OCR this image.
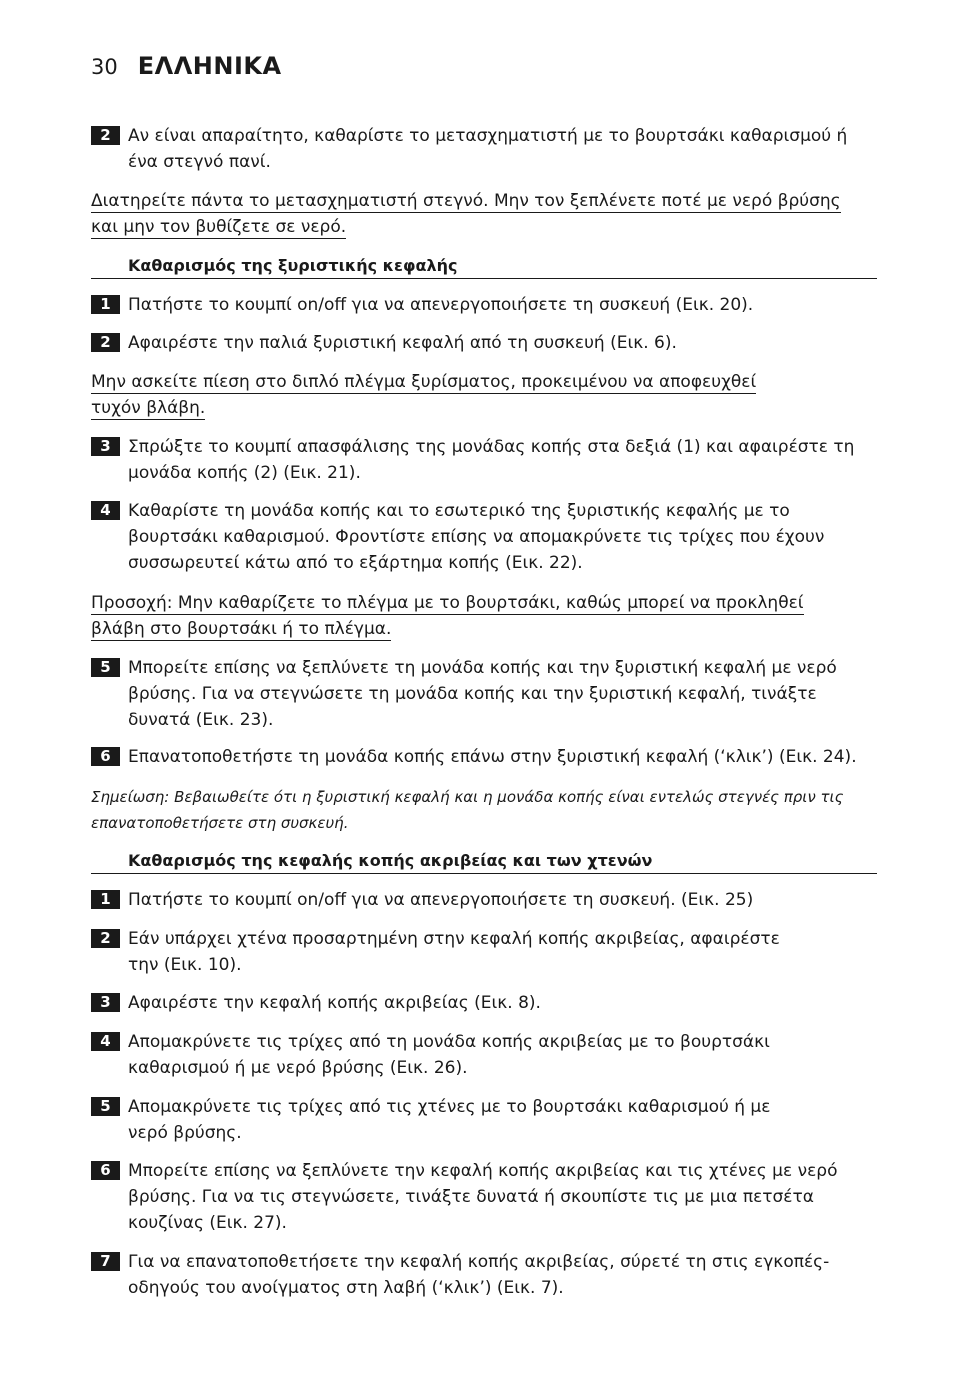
30 ΕΛΛΗΝΙΚΑ
2	Αν είναι απαραίτητο, καθαρίστε το μετασχηματιστή με το βουρτσάκι καθαρισμού ή ένα στεγνό πανί.
Διατηρείτε πάντα το μετασχηματιστή στεγνό. Μην τον ξεπλένετε ποτέ με νερό βρύσης
και μην τον βυθίζετε σε νερό.
Καθαρισμός της ξυριστικής κεφαλής
1	Πατήστε το κουμπί on/off για να απενεργοποιήσετε τη συσκευή (Εικ. 20).
2	Αφαιρέστε την παλιά ξυριστική κεφαλή από τη συσκευή (Εικ. 6).
Μην ασκείτε πίεση στο διπλό πλέγμα ξυρίσματος, προκειμένου να αποφευχθεί
τυχόν βλάβη.
3	Σπρώξτε το κουμπί απασφάλισης της μονάδας κοπής στα δεξιά (1) και αφαιρέστε τη μονάδα κοπής (2) (Εικ. 21).
4	Καθαρίστε τη μονάδα κοπής και το εσωτερικό της ξυριστικής κεφαλής με το βουρτσάκι καθαρισμού. Φροντίστε επίσης να απομακρύνετε τις τρίχες που έχουν συσσωρευτεί κάτω από το εξάρτημα κοπής (Εικ. 22).
Προσοχή: Μην καθαρίζετε το πλέγμα με το βουρτσάκι, καθώς μπορεί να προκληθεί
βλάβη στο βουρτσάκι ή το πλέγμα.
5	Μπορείτε επίσης να ξεπλύνετε τη μονάδα κοπής και την ξυριστική κεφαλή με νερό βρύσης. Για να στεγνώσετε τη μονάδα κοπής και την ξυριστική κεφαλή, τινάξτε δυνατά (Εικ. 23).
6	Επανατοποθετήστε τη μονάδα κοπής επάνω στην ξυριστική κεφαλή (‘κλικ’) (Εικ. 24).
Σημείωση: Βεβαιωθείτε ότι η ξυριστική κεφαλή και η μονάδα κοπής είναι εντελώς στεγνές πριν τις επανατοποθετήσετε στη συσκευή.
Καθαρισμός της κεφαλής κοπής ακριβείας και των χτενών
1	Πατήστε το κουμπί on/off για να απενεργοποιήσετε τη συσκευή. (Εικ. 25)
2	Εάν υπάρχει χτένα προσαρτημένη στην κεφαλή κοπής ακριβείας, αφαιρέστε την (Εικ. 10).
3	Αφαιρέστε την κεφαλή κοπής ακριβείας (Εικ. 8).
4	Απομακρύνετε τις τρίχες από τη μονάδα κοπής ακριβείας με το βουρτσάκι καθαρισμού ή με νερό βρύσης (Εικ. 26).
5	Απομακρύνετε τις τρίχες από τις χτένες με το βουρτσάκι καθαρισμού ή με νερό βρύσης.
6	Μπορείτε επίσης να ξεπλύνετε την κεφαλή κοπής ακριβείας και τις χτένες με νερό βρύσης. Για να τις στεγνώσετε, τινάξτε δυνατά ή σκουπίστε τις με μια πετσέτα κουζίνας (Εικ. 27).
7	Για να επανατοποθετήσετε την κεφαλή κοπής ακριβείας, σύρετέ τη στις εγκοπές-οδηγούς του ανοίγματος στη λαβή (‘κλικ’) (Εικ. 7).
